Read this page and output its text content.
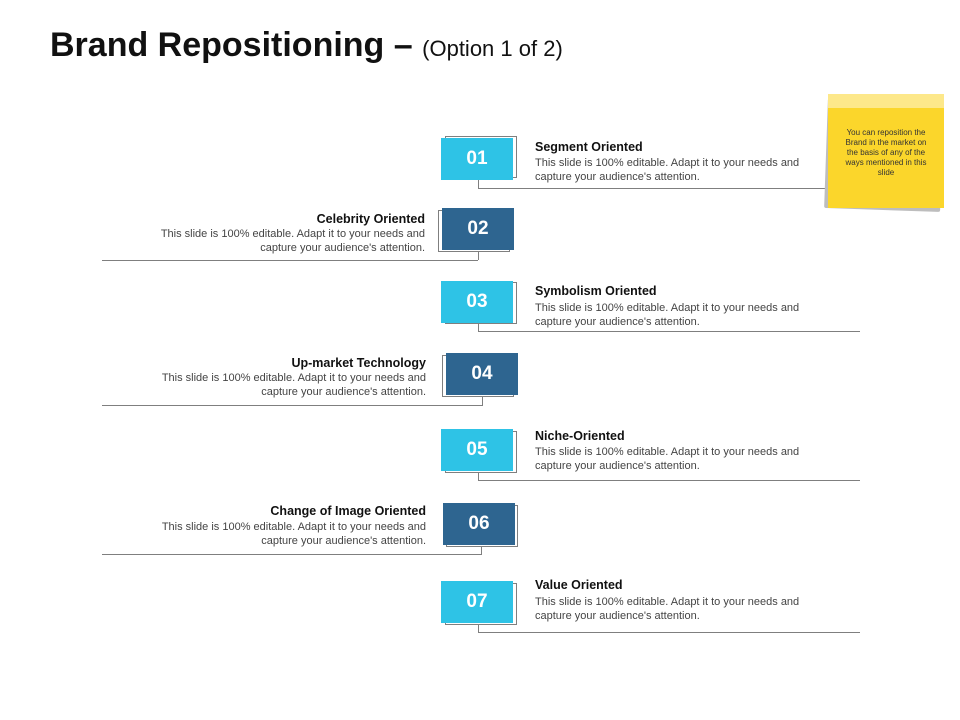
Brand Repositioning – (Option 1 of 2)
01
Segment Oriented
This slide is 100% editable. Adapt it to your needs and capture your audience's attention.
02
Celebrity Oriented
This slide is 100% editable. Adapt it to your needs and capture your audience's attention.
03	Symbolism Oriented
This slide is 100% editable. Adapt it to your needs and capture your audience's attention.
04
Up-market Technology
This slide is 100% editable. Adapt it to your needs and capture your audience's attention.
05
Niche-Oriented
This slide is 100% editable. Adapt it to your needs and capture your audience's attention.
06
Change of Image Oriented
This slide is 100% editable. Adapt it to your needs and capture your audience's attention.
07
Value Oriented
This slide is 100% editable. Adapt it to your needs and capture your audience's attention.
You can reposition the Brand in the market on the basis of any of the ways mentioned in this slide
